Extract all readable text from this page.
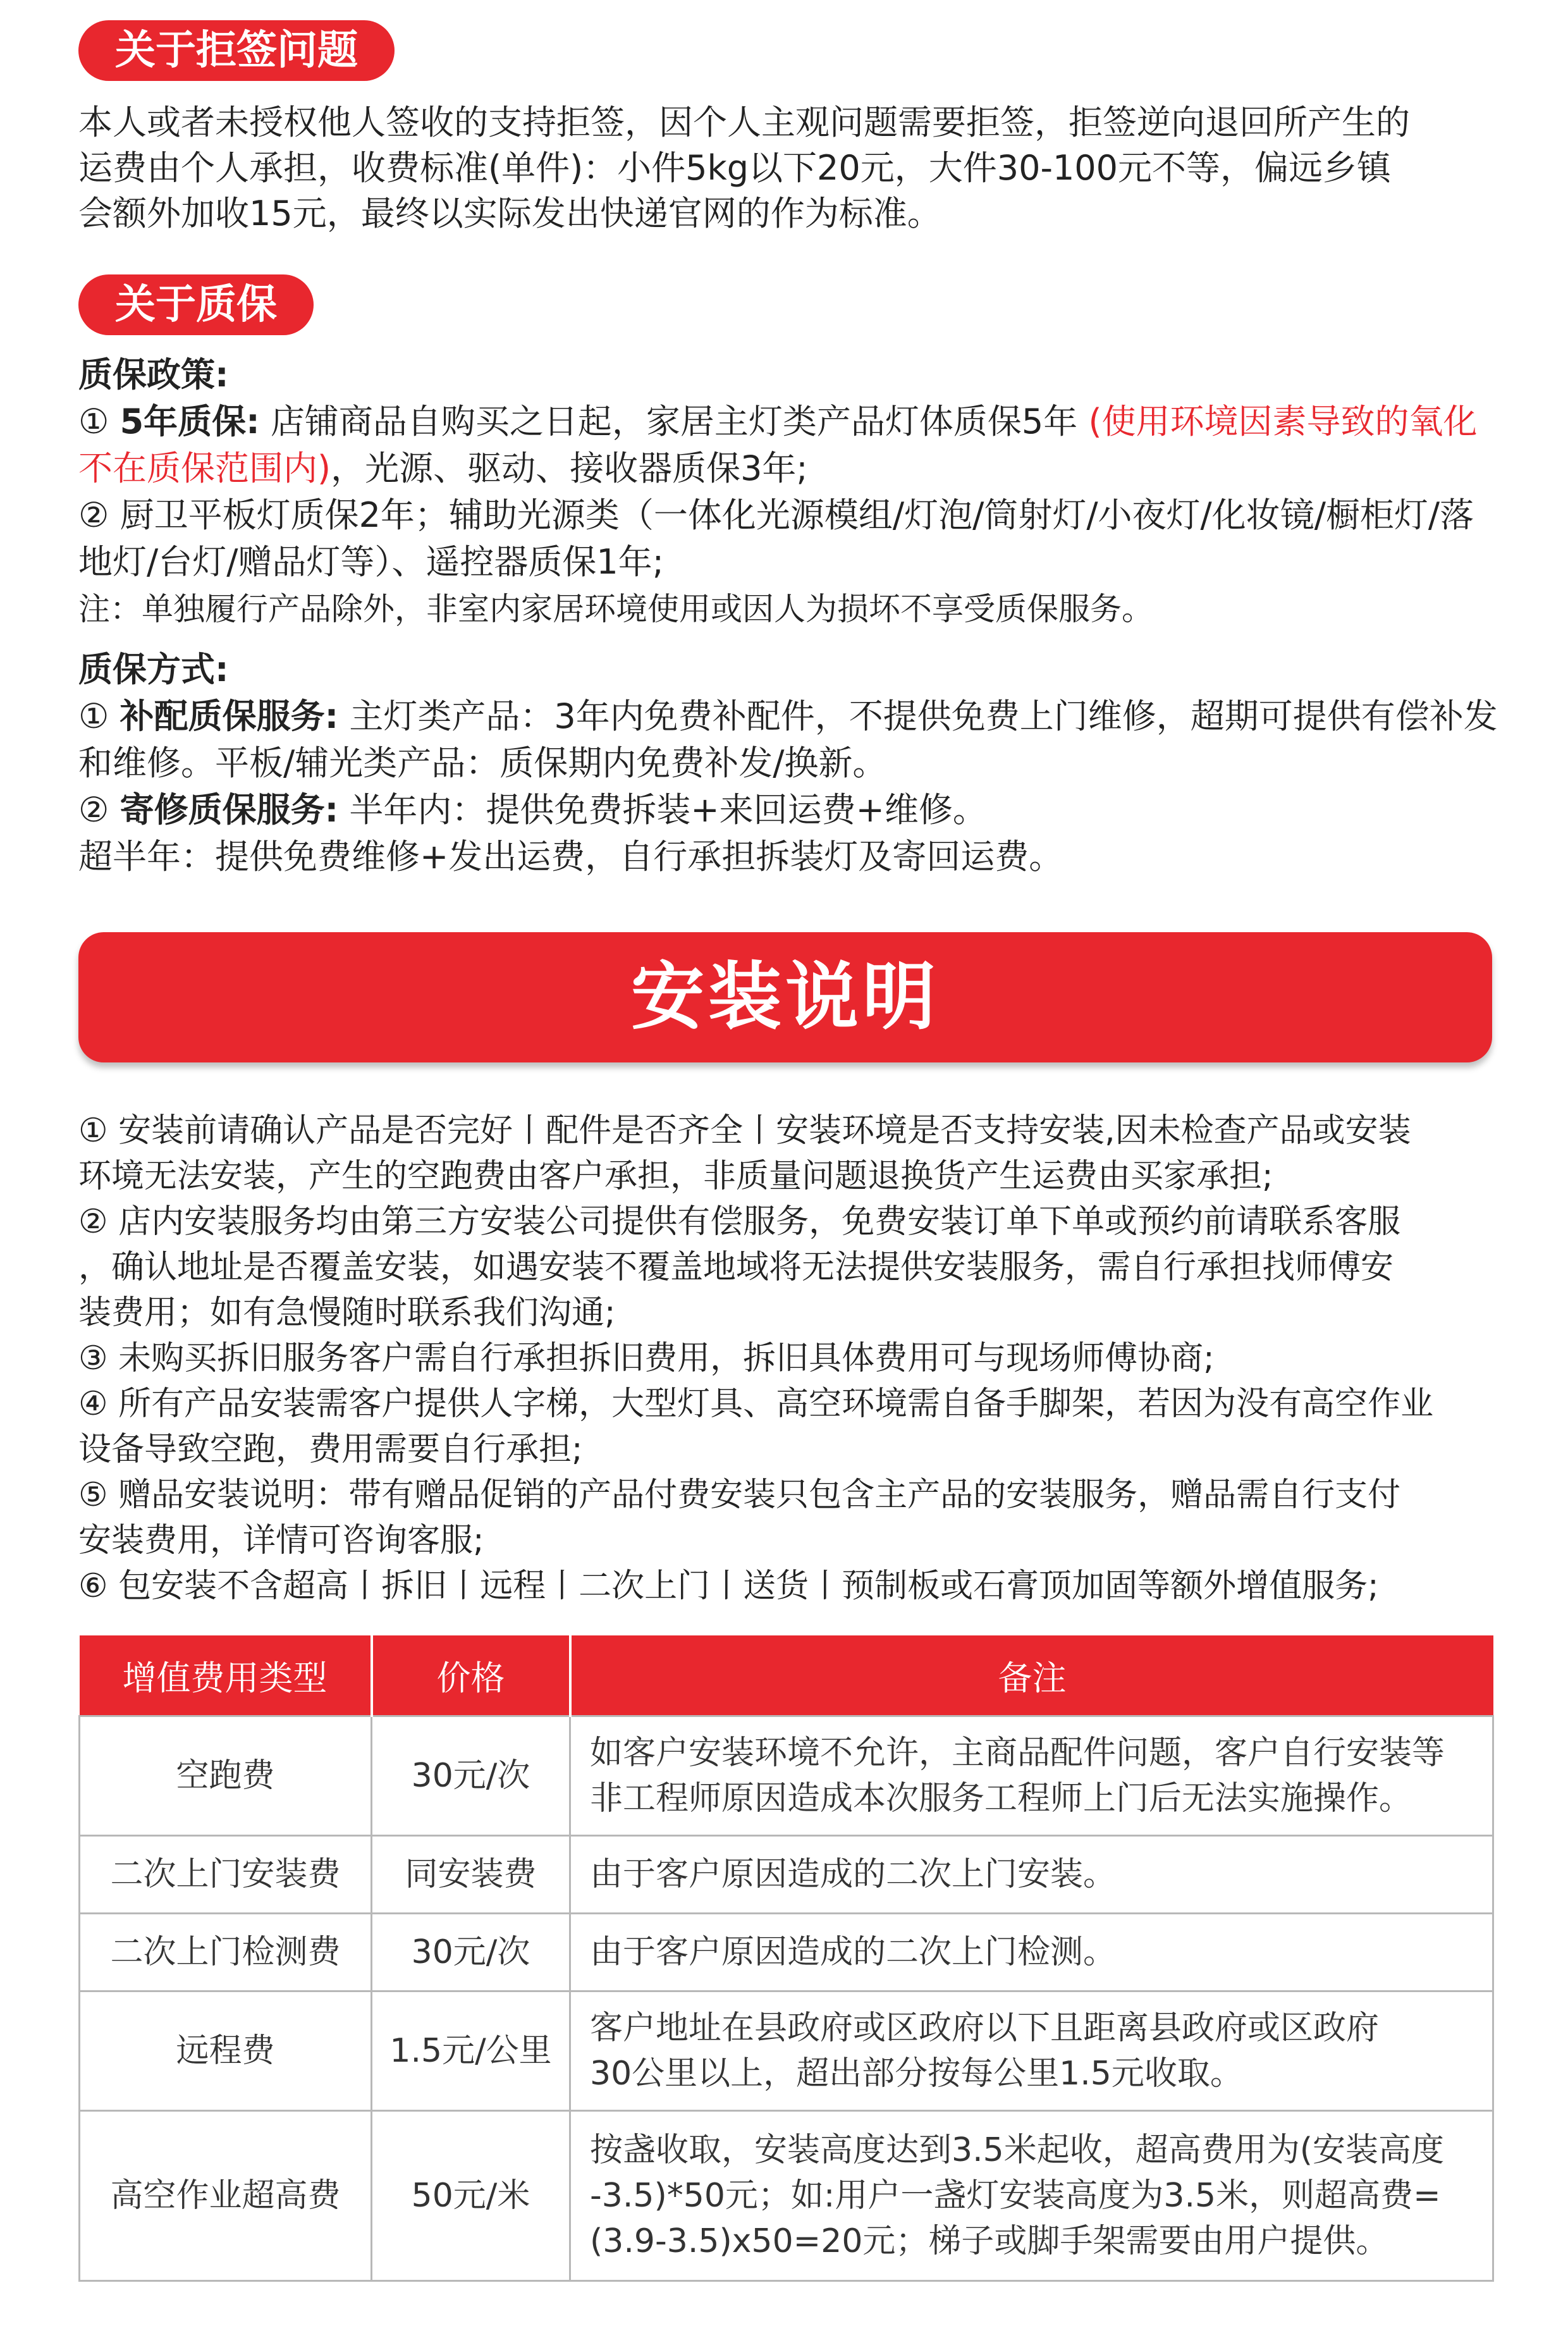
关于拒签问题
本人或者未授权他人签收的支持拒签，因个人主观问题需要拒签，拒签逆向退回所产生的
运费由个人承担，收费标准(单件)：小件5kg以下20元，大件30-100元不等，偏远乡镇
会额外加收15元，最终以实际发出快递官网的作为标准。
关于质保
质保政策:
① 5年质保: 店铺商品自购买之日起，家居主灯类产品灯体质保5年 (使用环境因素导致的氧化
不在质保范围内)，光源、驱动、接收器质保3年;
② 厨卫平板灯质保2年；辅助光源类（一体化光源模组/灯泡/筒射灯/小夜灯/化妆镜/橱柜灯/落
地灯/台灯/赠品灯等）、遥控器质保1年;
注：单独履行产品除外，非室内家居环境使用或因人为损坏不享受质保服务。
质保方式:
① 补配质保服务: 主灯类产品：3年内免费补配件，不提供免费上门维修，超期可提供有偿补发
和维修。平板/辅光类产品：质保期内免费补发/换新。
② 寄修质保服务: 半年内：提供免费拆装+来回运费+维修。
超半年：提供免费维修+发出运费，自行承担拆装灯及寄回运费。
安装说明
① 安装前请确认产品是否完好丨配件是否齐全丨安装环境是否支持安装,因未检查产品或安装
环境无法安装，产生的空跑费由客户承担，非质量问题退换货产生运费由买家承担;
② 店内安装服务均由第三方安装公司提供有偿服务，免费安装订单下单或预约前请联系客服
，确认地址是否覆盖安装，如遇安装不覆盖地域将无法提供安装服务，需自行承担找师傅安
装费用；如有急慢随时联系我们沟通;
③ 未购买拆旧服务客户需自行承担拆旧费用，拆旧具体费用可与现场师傅协商;
④ 所有产品安装需客户提供人字梯，大型灯具、高空环境需自备手脚架，若因为没有高空作业
设备导致空跑，费用需要自行承担;
⑤ 赠品安装说明：带有赠品促销的产品付费安装只包含主产品的安装服务，赠品需自行支付
安装费用，详情可咨询客服;
⑥ 包安装不含超高丨拆旧丨远程丨二次上门丨送货丨预制板或石膏顶加固等额外增值服务;
增值费用类型	价格	备注
空跑费	30元/次	如客户安装环境不允许，主商品配件问题，客户自行安装等
非工程师原因造成本次服务工程师上门后无法实施操作。

二次上门安装费	同安装费	由于客户原因造成的二次上门安装。

二次上门检测费	30元/次	由于客户原因造成的二次上门检测。

远程费	1.5元/公里	客户地址在县政府或区政府以下且距离县政府或区政府
30公里以上，超出部分按每公里1.5元收取。

高空作业超高费	50元/米	按盏收取，安装高度达到3.5米起收，超高费用为(安装高度
-3.5)*50元；如:用户一盏灯安装高度为3.5米，则超高费=
(3.9-3.5)x50=20元；梯子或脚手架需要由用户提供。
